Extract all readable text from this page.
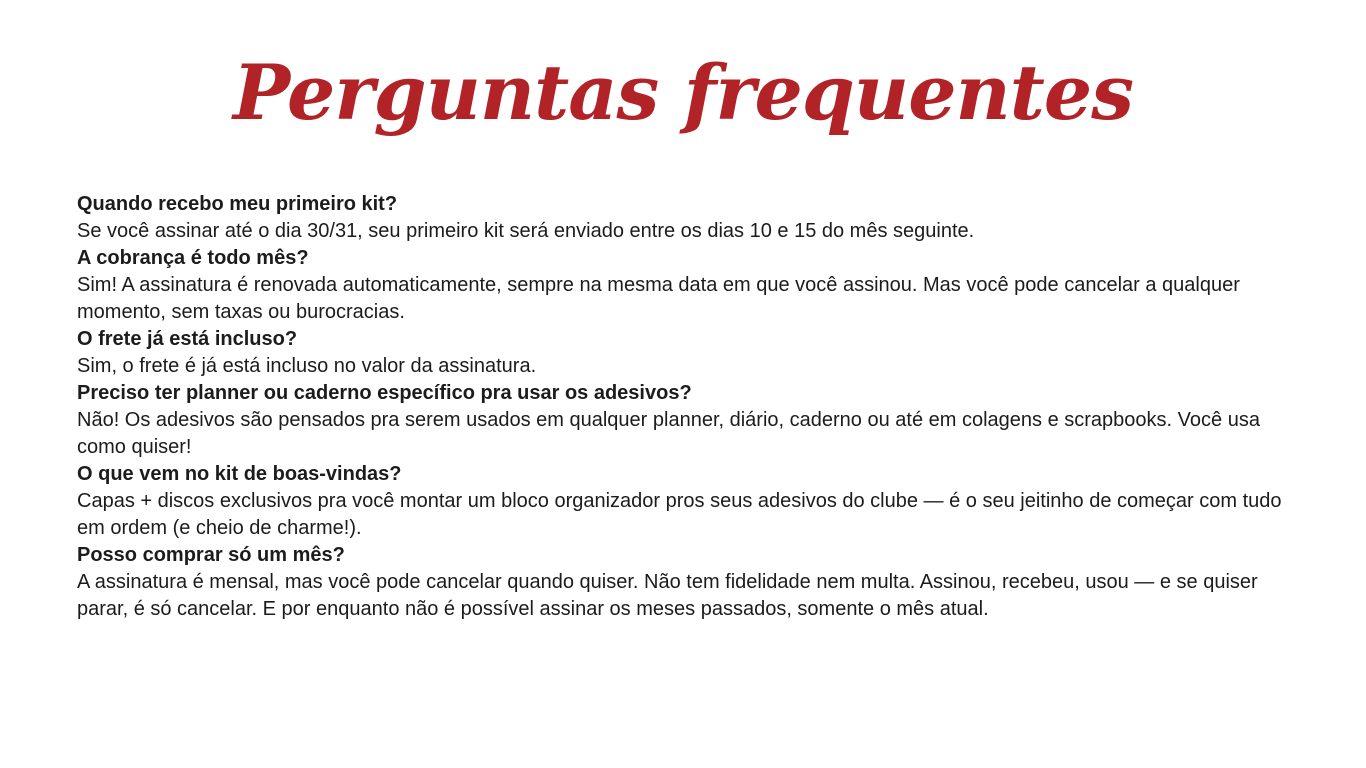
Perguntas frequentes

Quando recebo meu primeiro kit?

Se você assinar até o dia 30/31, seu primeiro kit será enviado entre os dias 10 e 15 do mês seguinte.

A cobrança é todo mês?

Sim! A assinatura é renovada automaticamente, sempre na mesma data em que você assinou. Mas você pode cancelar a qualquer momento, sem taxas ou burocracias.

O frete já está incluso?

Sim, o frete é já está incluso no valor da assinatura.

Preciso ter planner ou caderno específico pra usar os adesivos?

Não! Os adesivos são pensados pra serem usados em qualquer planner, diário, caderno ou até em colagens e scrapbooks. Você usa como quiser!

O que vem no kit de boas-vindas?

Capas + discos exclusivos pra você montar um bloco organizador pros seus adesivos do clube — é o seu jeitinho de começar com tudo em ordem (e cheio de charme!).

Posso comprar só um mês?

A assinatura é mensal, mas você pode cancelar quando quiser. Não tem fidelidade nem multa. Assinou, recebeu, usou — e se quiser parar, é só cancelar. E por enquanto não é possível assinar os meses passados, somente o mês atual.
